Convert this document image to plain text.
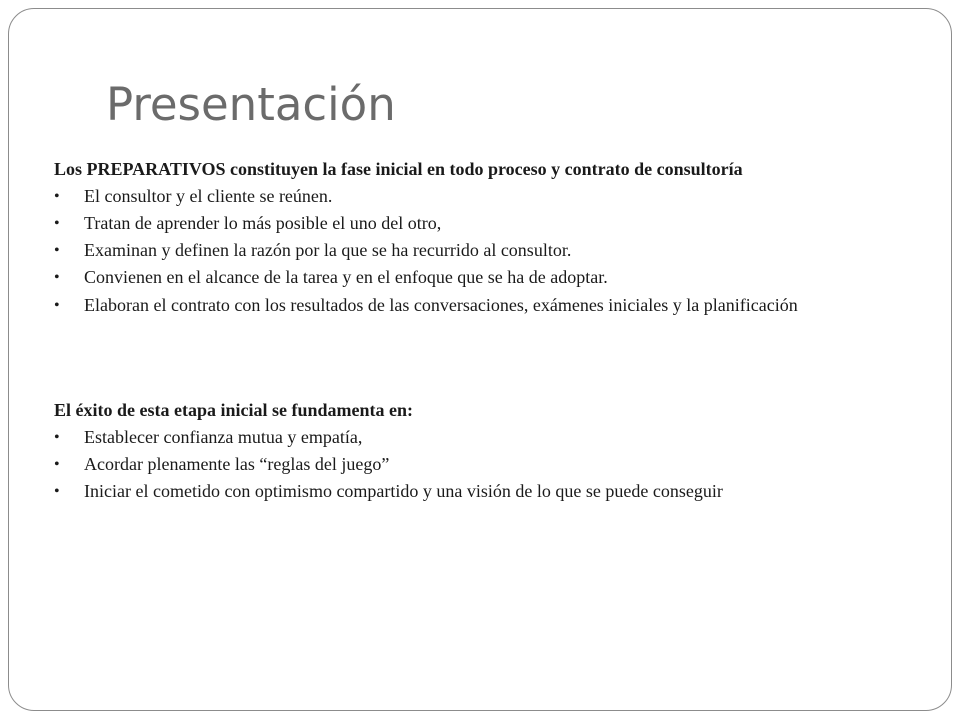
Presentación

Los PREPARATIVOS constituyen la fase inicial en todo proceso y contrato de consultoría

• El consultor y el cliente se reúnen.
• Tratan de aprender lo más posible el uno del otro,
• Examinan y definen la razón por la que se ha recurrido al consultor.
• Convienen en el alcance de la tarea y en el enfoque que se ha de adoptar.
• Elaboran el contrato con los resultados de las conversaciones, exámenes iniciales y la planificación

El éxito de esta etapa inicial se fundamenta en:

• Establecer confianza mutua y empatía,
• Acordar plenamente las “reglas del juego”
• Iniciar el cometido con optimismo compartido y una visión de lo que se puede conseguir
